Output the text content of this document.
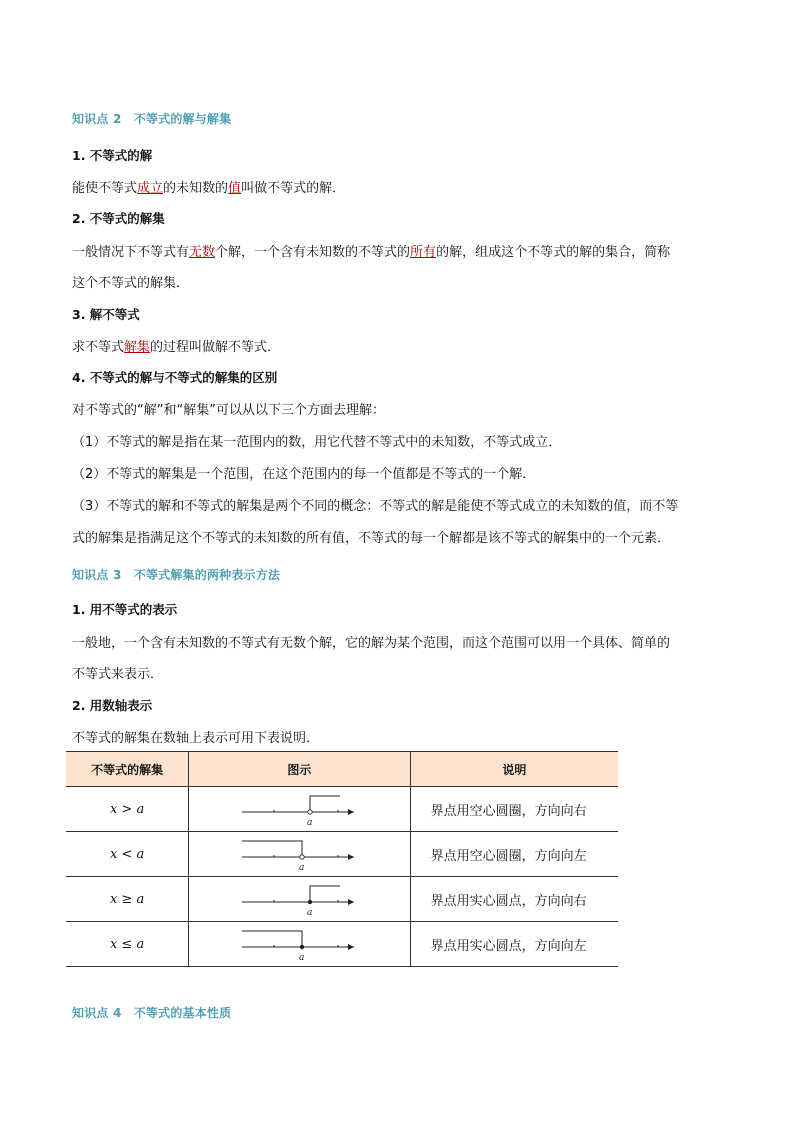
知识点 2　不等式的解与解集
1. 不等式的解
能使不等式成立的未知数的值叫做不等式的解．
2. 不等式的解集
一般情况下不等式有无数个解，一个含有未知数的不等式的所有的解，组成这个不等式的解的集合，简称
这个不等式的解集．
3. 解不等式
求不等式解集的过程叫做解不等式．
4. 不等式的解与不等式的解集的区别
对不等式的“解”和“解集”可以从以下三个方面去理解：
（1）不等式的解是指在某一范围内的数，用它代替不等式中的未知数，不等式成立．
（2）不等式的解集是一个范围，在这个范围内的每一个值都是不等式的一个解．
（3）不等式的解和不等式的解集是两个不同的概念：不等式的解是能使不等式成立的未知数的值，而不等
式的解集是指满足这个不等式的未知数的所有值，不等式的每一个解都是该不等式的解集中的一个元素．
知识点 3　不等式解集的两种表示方法
1. 用不等式的表示
一般地，一个含有未知数的不等式有无数个解，它的解为某个范围，而这个范围可以用一个具体、简单的
不等式来表示．
2. 用数轴表示
不等式的解集在数轴上表示可用下表说明．
不等式的解集	图示	说明
x > a	a	界点用空心圆圈，方向向右
x < a	a	界点用空心圆圈，方向向左
x ≥ a	a	界点用实心圆点，方向向右
x ≤ a	a	界点用实心圆点，方向向左
知识点 4　不等式的基本性质
